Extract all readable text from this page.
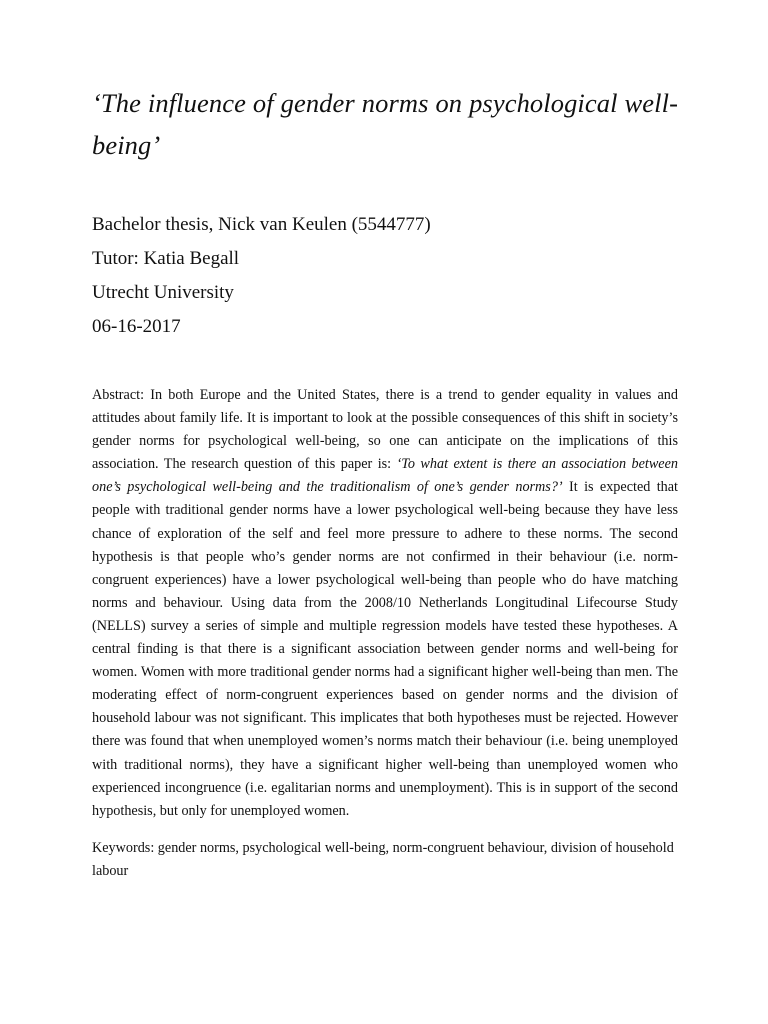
‘The influence of gender norms on psychological well-being’
Bachelor thesis, Nick van Keulen (5544777)
Tutor: Katia Begall
Utrecht University
06-16-2017

Abstract: In both Europe and the United States, there is a trend to gender equality in values and attitudes about family life. It is important to look at the possible consequences of this shift in society’s gender norms for psychological well-being, so one can anticipate on the implications of this association. The research question of this paper is: ‘To what extent is there an association between one’s psychological well-being and the traditionalism of one’s gender norms?’ It is expected that people with traditional gender norms have a lower psychological well-being because they have less chance of exploration of the self and feel more pressure to adhere to these norms. The second hypothesis is that people who’s gender norms are not confirmed in their behaviour (i.e. norm-congruent experiences) have a lower psychological well-being than people who do have matching norms and behaviour. Using data from the 2008/10 Netherlands Longitudinal Lifecourse Study (NELLS) survey a series of simple and multiple regression models have tested these hypotheses. A central finding is that there is a significant association between gender norms and well-being for women. Women with more traditional gender norms had a significant higher well-being than men. The moderating effect of norm-congruent experiences based on gender norms and the division of household labour was not significant. This implicates that both hypotheses must be rejected. However there was found that when unemployed women’s norms match their behaviour (i.e. being unemployed with traditional norms), they have a significant higher well-being than unemployed women who experienced incongruence (i.e. egalitarian norms and unemployment). This is in support of the second hypothesis, but only for unemployed women.

Keywords: gender norms, psychological well-being, norm-congruent behaviour, division of household labour
